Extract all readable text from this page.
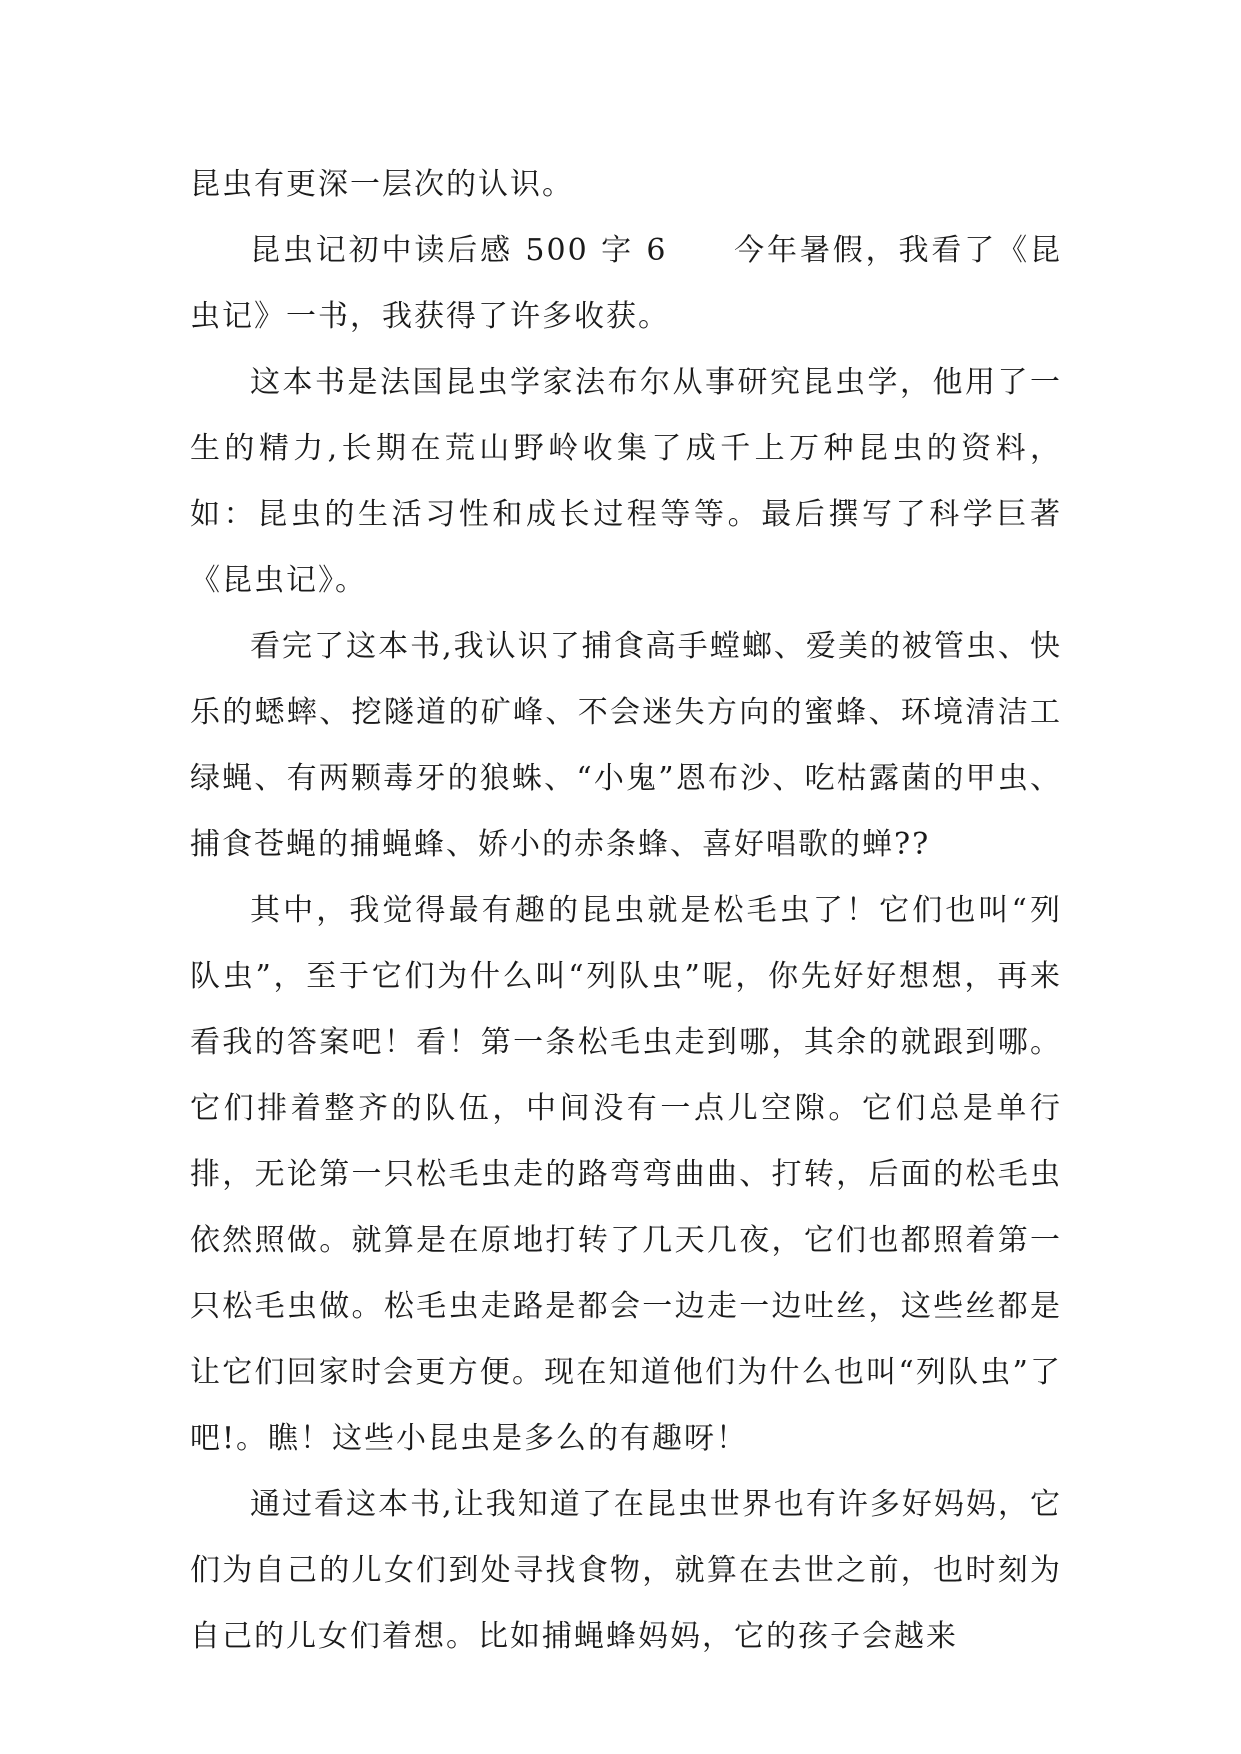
昆虫有更深一层次的认识。

昆虫记初中读后感 500 字 6　　今年暑假，我看了《昆虫记》一书，我获得了许多收获。

这本书是法国昆虫学家法布尔从事研究昆虫学，他用了一生的精力,长期在荒山野岭收集了成千上万种昆虫的资料，如：昆虫的生活习性和成长过程等等。最后撰写了科学巨著《昆虫记》。

看完了这本书,我认识了捕食高手螳螂、爱美的被管虫、快乐的蟋蟀、挖隧道的矿峰、不会迷失方向的蜜蜂、环境清洁工绿蝇、有两颗毒牙的狼蛛、“小鬼”恩布沙、吃枯露菌的甲虫、捕食苍蝇的捕蝇蜂、娇小的赤条蜂、喜好唱歌的蝉??

其中，我觉得最有趣的昆虫就是松毛虫了！它们也叫“列队虫”，至于它们为什么叫“列队虫”呢，你先好好想想，再来看我的答案吧！看！第一条松毛虫走到哪，其余的就跟到哪。它们排着整齐的队伍，中间没有一点儿空隙。它们总是单行排，无论第一只松毛虫走的路弯弯曲曲、打转，后面的松毛虫依然照做。就算是在原地打转了几天几夜，它们也都照着第一只松毛虫做。松毛虫走路是都会一边走一边吐丝，这些丝都是让它们回家时会更方便。现在知道他们为什么也叫“列队虫”了吧!。瞧！这些小昆虫是多么的有趣呀！

通过看这本书,让我知道了在昆虫世界也有许多好妈妈，它们为自己的儿女们到处寻找食物，就算在去世之前，也时刻为自己的儿女们着想。比如捕蝇蜂妈妈，它的孩子会越来
